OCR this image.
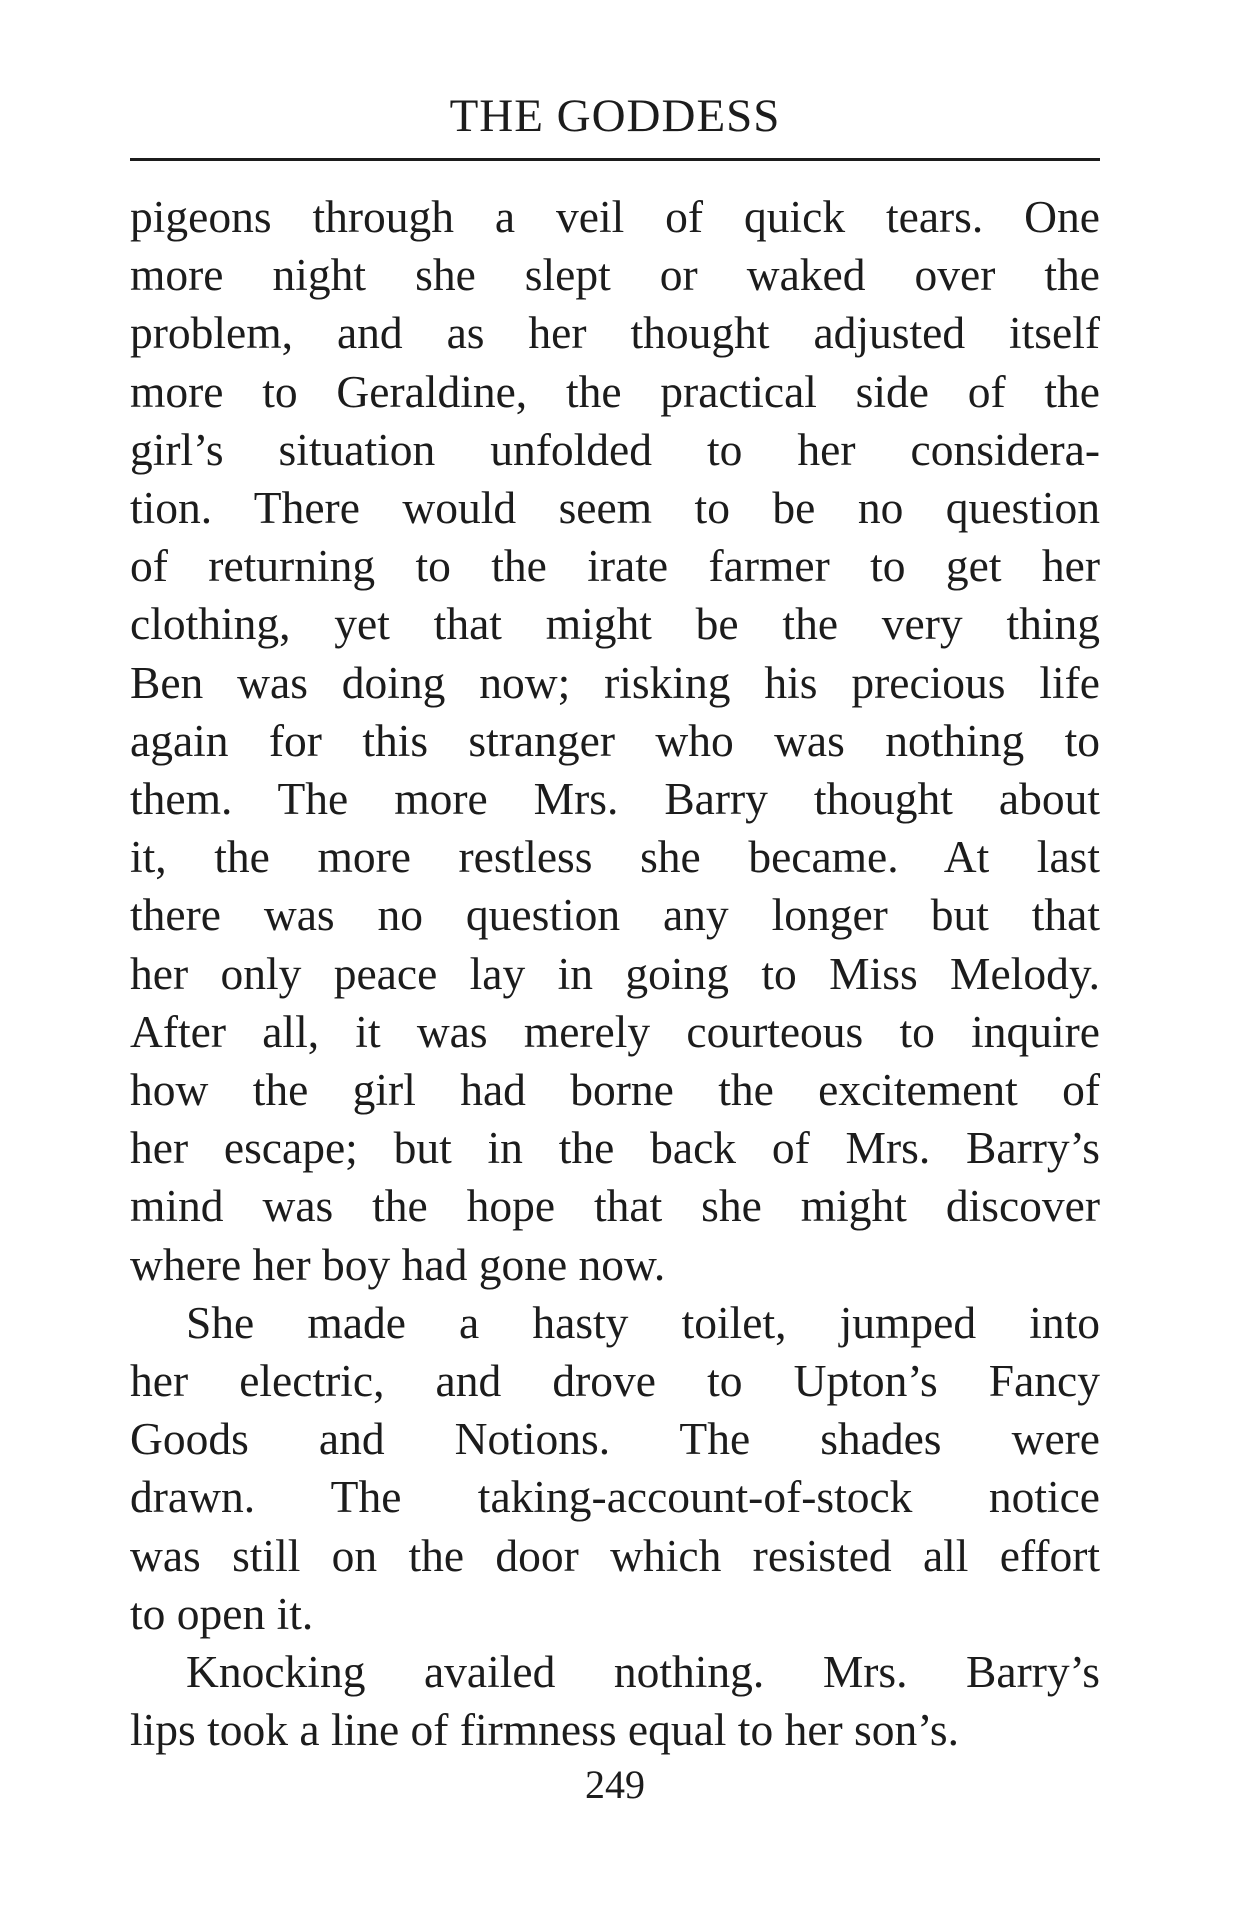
THE GODDESS
pigeons through a veil of quick tears. One
more night she slept or waked over the
problem, and as her thought adjusted itself
more to Geraldine, the practical side of the
girl’s situation unfolded to her considera-
tion. There would seem to be no question
of returning to the irate farmer to get her
clothing, yet that might be the very thing
Ben was doing now; risking his precious life
again for this stranger who was nothing to
them. The more Mrs. Barry thought about
it, the more restless she became. At last
there was no question any longer but that
her only peace lay in going to Miss Melody.
After all, it was merely courteous to inquire
how the girl had borne the excitement of
her escape; but in the back of Mrs. Barry’s
mind was the hope that she might discover
where her boy had gone now.
She made a hasty toilet, jumped into
her electric, and drove to Upton’s Fancy
Goods and Notions. The shades were
drawn. The taking-account-of-stock notice
was still on the door which resisted all effort
to open it.
Knocking availed nothing. Mrs. Barry’s
lips took a line of firmness equal to her son’s.
249
